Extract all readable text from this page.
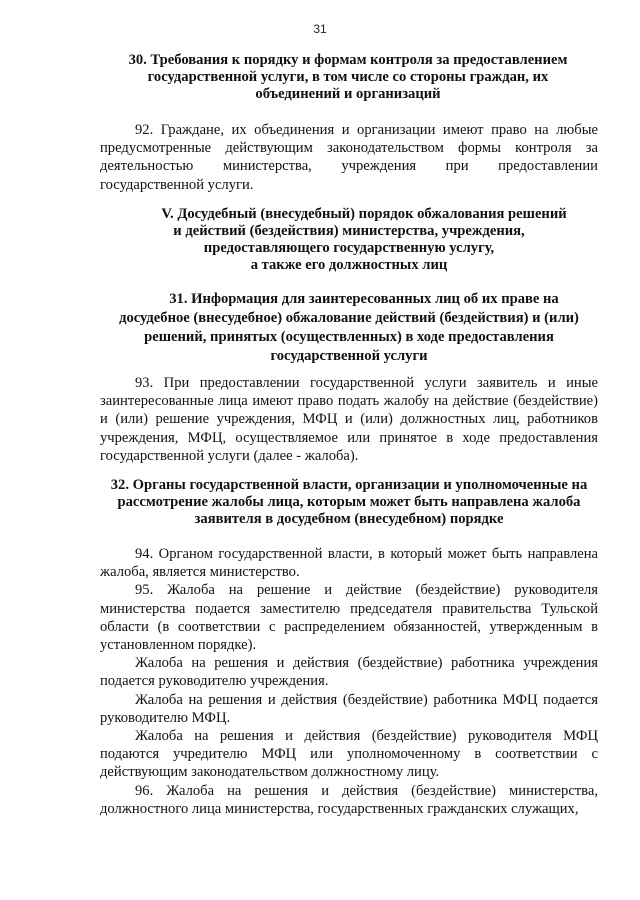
31

30. Требования к порядку и формам контроля за предоставлением государственной услуги, в том числе со стороны граждан, их объединений и организаций

92. Граждане, их объединения и организации имеют право на любые предусмотренные действующим законодательством формы контроля за деятельностью министерства, учреждения при предоставлении государственной услуги.

V. Досудебный (внесудебный) порядок обжалования решений
и действий (бездействия) министерства, учреждения,
предоставляющего государственную услугу,
а также его должностных лиц
31. Информация для заинтересованных лиц об их праве на
досудебное (внесудебное) обжалование действий (бездействия) и (или)
решений, принятых (осуществленных) в ходе предоставления
государственной услуги

93. При предоставлении государственной услуги заявитель и иные заинтересованные лица имеют право подать жалобу на действие (бездействие) и (или) решение учреждения, МФЦ и (или) должностных лиц, работников учреждения, МФЦ, осуществляемое или принятое в ходе предоставления государственной услуги (далее - жалоба).

32. Органы государственной власти, организации и уполномоченные на
рассмотрение жалобы лица, которым может быть направлена жалоба
заявителя в досудебном (внесудебном) порядке

94. Органом государственной власти, в который может быть направлена жалоба, является министерство.

95. Жалоба на решение и действие (бездействие) руководителя министерства подается заместителю председателя правительства Тульской области (в соответствии с распределением обязанностей, утвержденным в установленном порядке).

Жалоба на решения и действия (бездействие) работника учреждения подается руководителю учреждения.

Жалоба на решения и действия (бездействие) работника МФЦ подается руководителю МФЦ.

Жалоба на решения и действия (бездействие) руководителя МФЦ подаются учредителю МФЦ или уполномоченному в соответствии с действующим законодательством должностному лицу.

96. Жалоба на решения и действия (бездействие) министерства, должностного лица министерства, государственных гражданских служащих,
